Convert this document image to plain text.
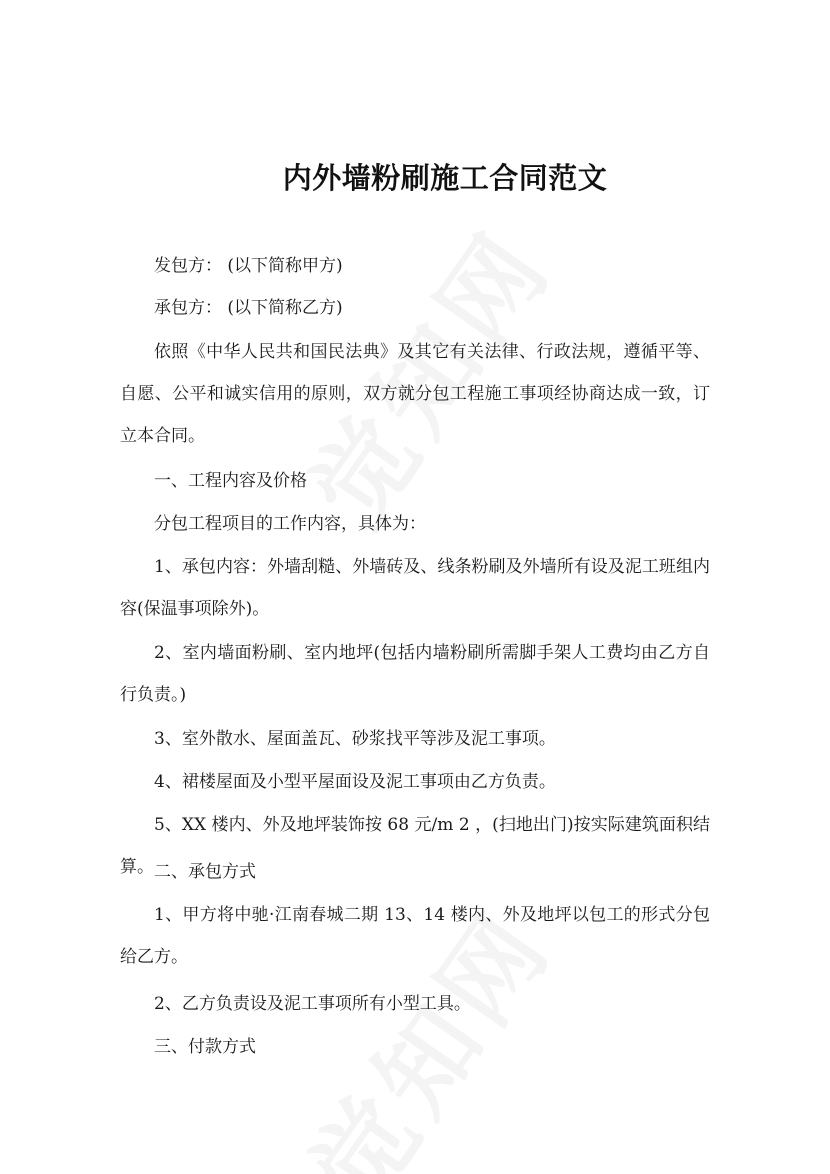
内外墙粉刷施工合同范文

发包方： (以下简称甲方)

承包方： (以下简称乙方)

依照《中华人民共和国民法典》及其它有关法律、行政法规，遵循平等、自愿、公平和诚实信用的原则，双方就分包工程施工事项经协商达成一致，订立本合同。

一、工程内容及价格

分包工程项目的工作内容，具体为：

1、承包内容：外墙刮糙、外墙砖及、线条粉刷及外墙所有设及泥工班组内容(保温事项除外)。

2、室内墙面粉刷、室内地坪(包括内墙粉刷所需脚手架人工费均由乙方自行负责。)

3、室外散水、屋面盖瓦、砂浆找平等涉及泥工事项。

4、裙楼屋面及小型平屋面设及泥工事项由乙方负责。

5、XX 楼内、外及地坪装饰按 68 元/m 2 ，(扫地出门)按实际建筑面积结算。 二、承包方式

1、甲方将中驰·江南春城二期 13、14 楼内、外及地坪以包工的形式分包给乙方。

2、乙方负责设及泥工事项所有小型工具。

三、付款方式
